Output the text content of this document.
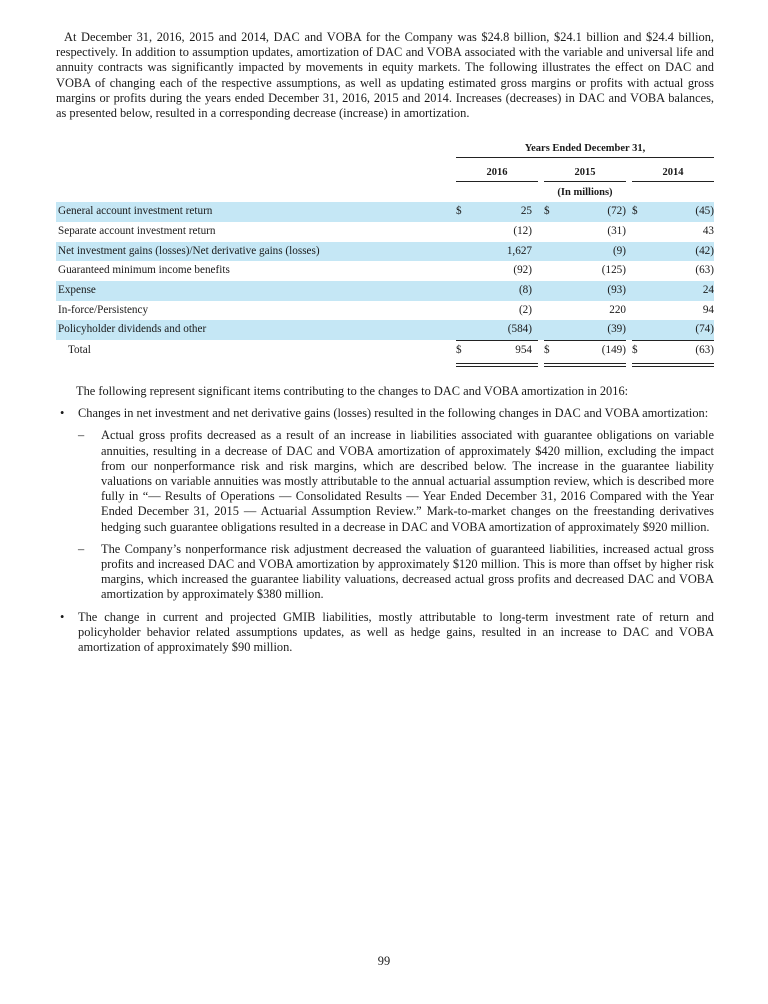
At December 31, 2016, 2015 and 2014, DAC and VOBA for the Company was $24.8 billion, $24.1 billion and $24.4 billion, respectively. In addition to assumption updates, amortization of DAC and VOBA associated with the variable and universal life and annuity contracts was significantly impacted by movements in equity markets. The following illustrates the effect on DAC and VOBA of changing each of the respective assumptions, as well as updating estimated gross margins or profits with actual gross margins or profits during the years ended December 31, 2016, 2015 and 2014. Increases (decreases) in DAC and VOBA balances, as presented below, resulted in a corresponding decrease (increase) in amortization.

Years Ended December 31,
2016	2015	2014
(In millions)
General account investment return	$	25 $	(72) $	(45)
Separate account investment return	(12)	(31)	43
Net investment gains (losses)/Net derivative gains (losses)	1,627	(9)	(42)
Guaranteed minimum income benefits	(92)	(125)	(63)
Expense	(8)	(93)	24
In-force/Persistency	(2)	220	94
Policyholder dividends and other	(584)	(39)	(74)
Total	$	954 $	(149) $	(63)

The following represent significant items contributing to the changes to DAC and VOBA amortization in 2016:

• Changes in net investment and net derivative gains (losses) resulted in the following changes in DAC and VOBA amortization:

– Actual gross profits decreased as a result of an increase in liabilities associated with guarantee obligations on variable annuities, resulting in a decrease of DAC and VOBA amortization of approximately $420 million, excluding the impact from our nonperformance risk and risk margins, which are described below. The increase in the guarantee liability valuations on variable annuities was mostly attributable to the annual actuarial assumption review, which is described more fully in “— Results of Operations — Consolidated Results — Year Ended December 31, 2016 Compared with the Year Ended December 31, 2015 — Actuarial Assumption Review.” Mark-to-market changes on the freestanding derivatives hedging such guarantee obligations resulted in a decrease in DAC and VOBA amortization of approximately $920 million.

– The Company’s nonperformance risk adjustment decreased the valuation of guaranteed liabilities, increased actual gross profits and increased DAC and VOBA amortization by approximately $120 million. This is more than offset by higher risk margins, which increased the guarantee liability valuations, decreased actual gross profits and decreased DAC and VOBA amortization by approximately $380 million.

• The change in current and projected GMIB liabilities, mostly attributable to long-term investment rate of return and policyholder behavior related assumptions updates, as well as hedge gains, resulted in an increase to DAC and VOBA amortization of approximately $90 million.

99
